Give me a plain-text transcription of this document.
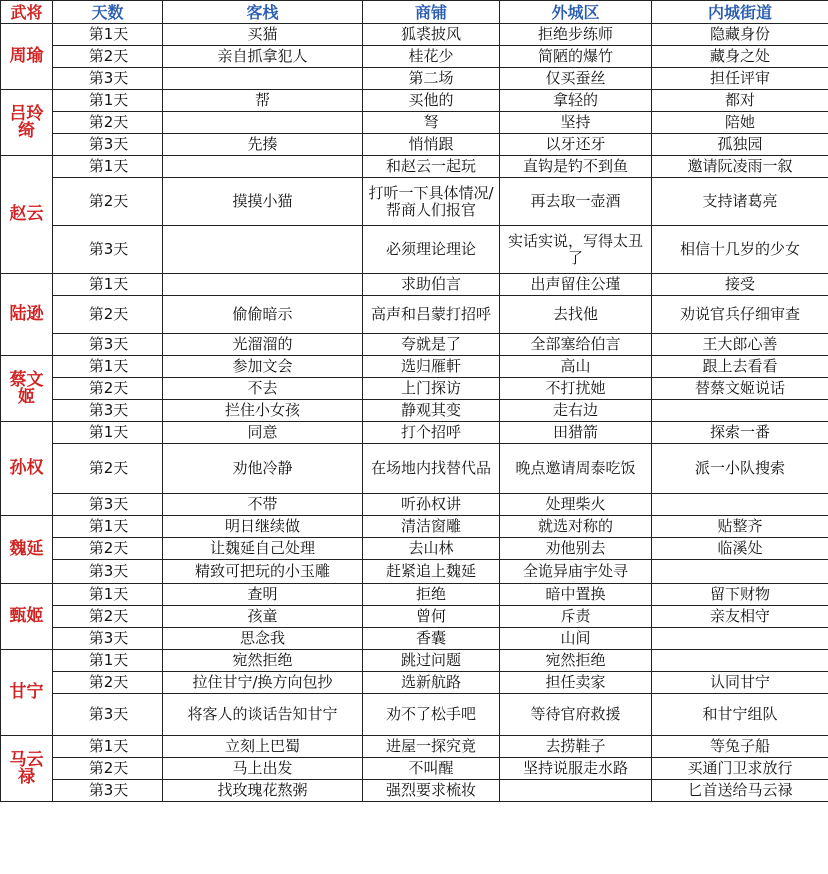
武将	天数	客栈	商铺	外城区	内城街道
周瑜	第1天	买猫	狐裘披风	拒绝步练师	隐藏身份
	第2天	亲自抓拿犯人	桂花少	简陋的爆竹	藏身之处
	第3天		第二场	仅买蚕丝	担任评审
吕玲绮	第1天	帮	买他的	拿轻的	都对
	第2天		弩	坚持	陪她
	第3天	先揍	悄悄跟	以牙还牙	孤独园
赵云	第1天		和赵云一起玩	直钩是钓不到鱼	邀请阮凌雨一叙
	第2天	摸摸小猫	打听一下具体情况/帮商人们报官	再去取一壶酒	支持诸葛亮
	第3天		必须理论理论	实话实说，写得太丑了	相信十几岁的少女
陆逊	第1天		求助伯言	出声留住公瑾	接受
	第2天	偷偷暗示	高声和吕蒙打招呼	去找他	劝说官兵仔细审查
	第3天	光溜溜的	夸就是了	全部塞给伯言	王大郎心善
蔡文姬	第1天	参加文会	选归雁軒	高山	跟上去看看
	第2天	不去	上门探访	不打扰她	替蔡文姬说话
	第3天	拦住小女孩	静观其变	走右边	
孙权	第1天	同意	打个招呼	田猎箭	探索一番
	第2天	劝他冷静	在场地内找替代品	晚点邀请周泰吃饭	派一小队搜索
	第3天	不带	听孙权讲	处理柴火	
魏延	第1天	明日继续做	清洁窗雕	就选对称的	贴整齐
	第2天	让魏延自己处理	去山林	劝他别去	临溪处
	第3天	精致可把玩的小玉雕	赶紧追上魏延	全诡异庙宇处寻	
甄姬	第1天	查明	拒绝	暗中置换	留下财物
	第2天	孩童	曾何	斥责	亲友相守
	第3天	思念我	香囊	山间	
甘宁	第1天	宛然拒绝	跳过问题	宛然拒绝	
	第2天	拉住甘宁/换方向包抄	选新航路	担任卖家	认同甘宁
	第3天	将客人的谈话告知甘宁	劝不了松手吧	等待官府救援	和甘宁组队
马云禄	第1天	立刻上巴蜀	进屋一探究竟	去捞鞋子	等兔子船
	第2天	马上出发	不叫醒	坚持说服走水路	买通门卫求放行
	第3天	找玫瑰花熬粥	强烈要求梳妆		匕首送给马云禄
